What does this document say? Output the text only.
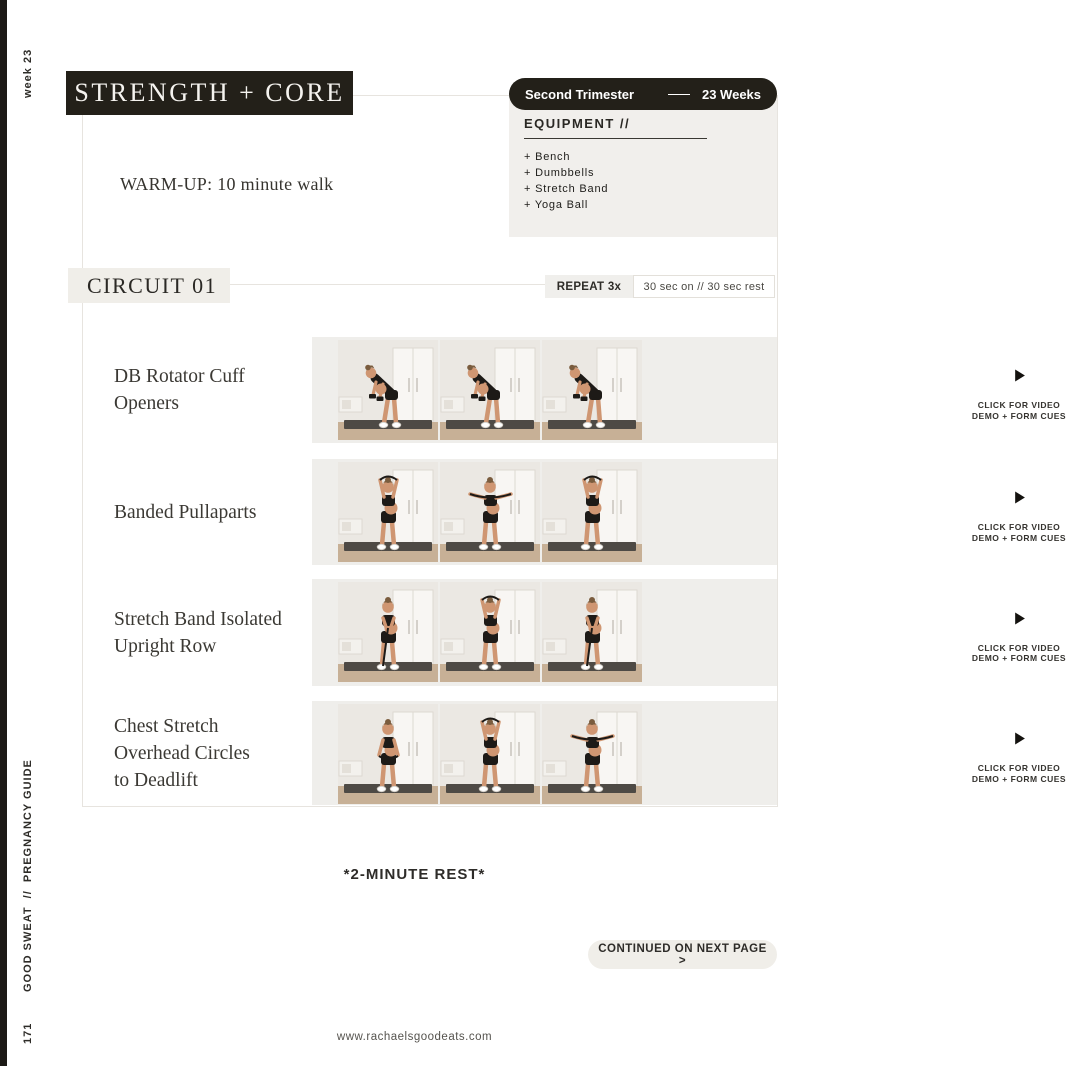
week 23 STRENGTH + CORE	Second Trimester	23 Weeks
EQUIPMENT //
+ Bench
+ Dumbbells
+ Stretch Band
+ Yoga Ball
WARM-UP: 10 minute walk
CIRCUIT 01	REPEAT 3x	30 sec on // 30 sec rest
DB Rotator Cuff
Openers	CLICK FOR VIDEO
DEMO + FORM CUES
Banded Pullaparts
CLICK FOR VIDEO
DEMO + FORM CUES
Stretch Band Isolated
Upright Row	CLICK FOR VIDEO
DEMO + FORM CUES
Chest Stretch
Overhead Circles
to Deadlift
CLICK FOR VIDEO
DEMO + FORM CUES
*2-MINUTE REST*
CONTINUED ON NEXT PAGE >
www.rachaelsgoodeats.com
GOOD SWEAT  //  PREGNANCY GUIDE
171
